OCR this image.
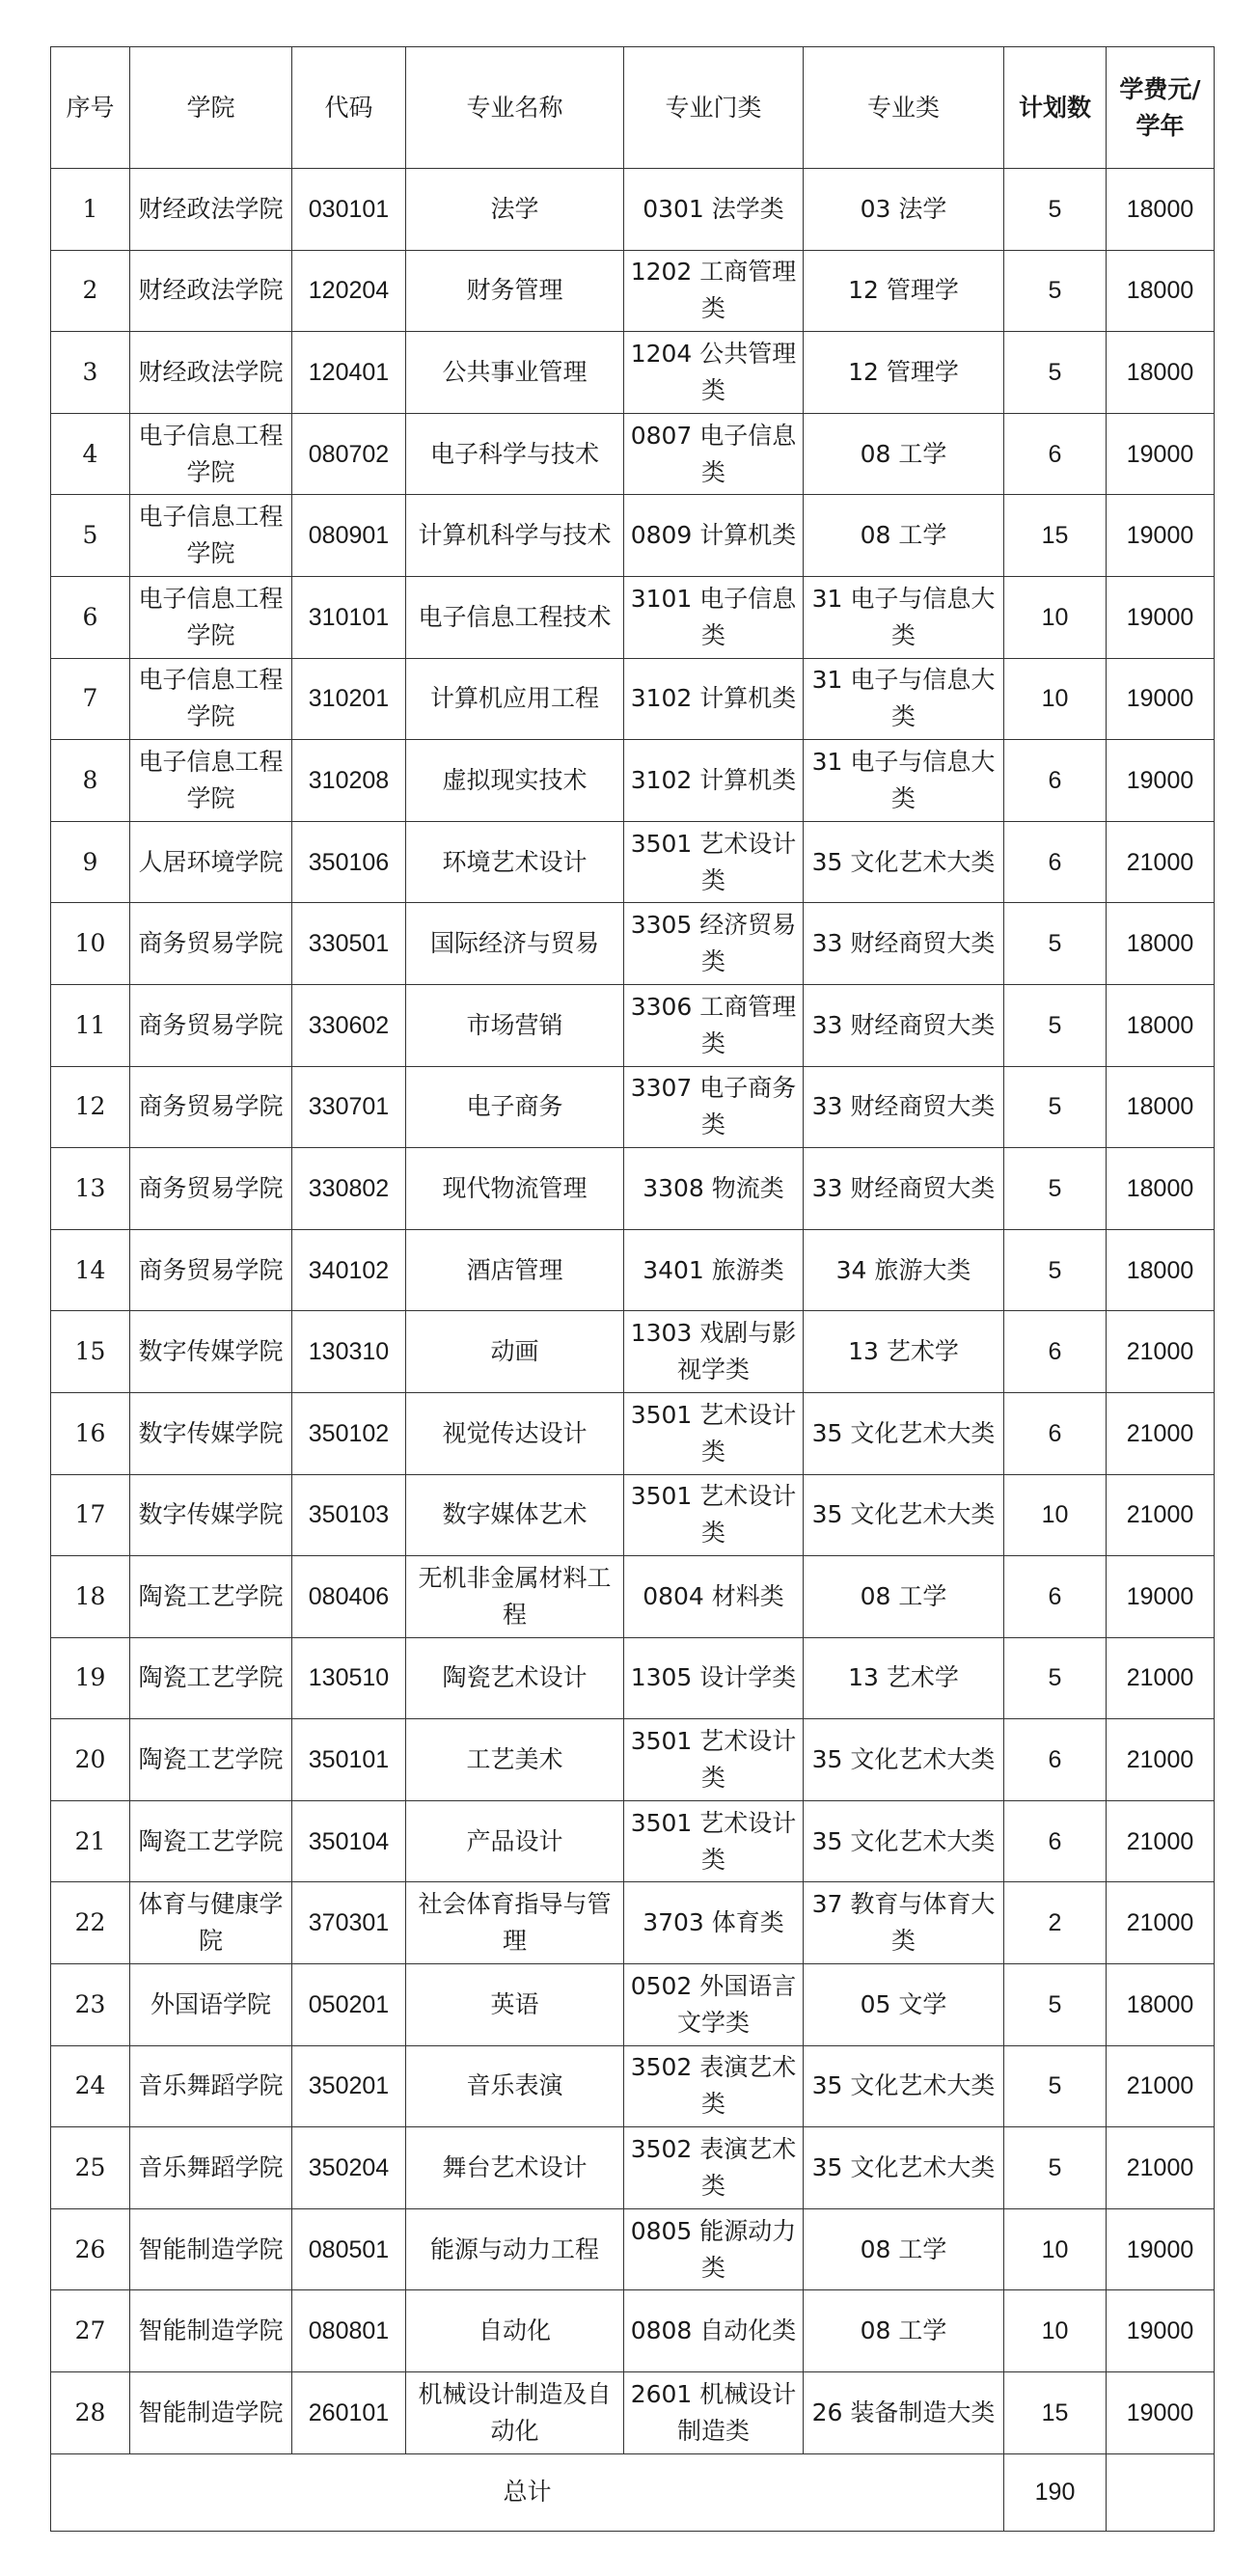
序号	学院	代码	专业名称	专业门类	专业类	计划数	学费元/学年
1	财经政法学院	030101	法学	0301 法学类	03 法学	5	18000
2	财经政法学院	120204	财务管理	1202 工商管理类	12 管理学	5	18000
3	财经政法学院	120401	公共事业管理	1204 公共管理类	12 管理学	5	18000
4	电子信息工程学院	080702	电子科学与技术	0807 电子信息类	08 工学	6	19000
5	电子信息工程学院	080901	计算机科学与技术	0809 计算机类	08 工学	15	19000
6	电子信息工程学院	310101	电子信息工程技术	3101 电子信息类	31 电子与信息大类	10	19000
7	电子信息工程学院	310201	计算机应用工程	3102 计算机类	31 电子与信息大类	10	19000
8	电子信息工程学院	310208	虚拟现实技术	3102 计算机类	31 电子与信息大类	6	19000
9	人居环境学院	350106	环境艺术设计	3501 艺术设计类	35 文化艺术大类	6	21000
10	商务贸易学院	330501	国际经济与贸易	3305 经济贸易类	33 财经商贸大类	5	18000
11	商务贸易学院	330602	市场营销	3306 工商管理类	33 财经商贸大类	5	18000
12	商务贸易学院	330701	电子商务	3307 电子商务类	33 财经商贸大类	5	18000
13	商务贸易学院	330802	现代物流管理	3308 物流类	33 财经商贸大类	5	18000
14	商务贸易学院	340102	酒店管理	3401 旅游类	34 旅游大类	5	18000
15	数字传媒学院	130310	动画	1303 戏剧与影视学类	13 艺术学	6	21000
16	数字传媒学院	350102	视觉传达设计	3501 艺术设计类	35 文化艺术大类	6	21000
17	数字传媒学院	350103	数字媒体艺术	3501 艺术设计类	35 文化艺术大类	10	21000
18	陶瓷工艺学院	080406	无机非金属材料工程	0804 材料类	08 工学	6	19000
19	陶瓷工艺学院	130510	陶瓷艺术设计	1305 设计学类	13 艺术学	5	21000
20	陶瓷工艺学院	350101	工艺美术	3501 艺术设计类	35 文化艺术大类	6	21000
21	陶瓷工艺学院	350104	产品设计	3501 艺术设计类	35 文化艺术大类	6	21000
22	体育与健康学院	370301	社会体育指导与管理	3703 体育类	37 教育与体育大类	2	21000
23	外国语学院	050201	英语	0502 外国语言文学类	05 文学	5	18000
24	音乐舞蹈学院	350201	音乐表演	3502 表演艺术类	35 文化艺术大类	5	21000
25	音乐舞蹈学院	350204	舞台艺术设计	3502 表演艺术类	35 文化艺术大类	5	21000
26	智能制造学院	080501	能源与动力工程	0805 能源动力类	08 工学	10	19000
27	智能制造学院	080801	自动化	0808 自动化类	08 工学	10	19000
28	智能制造学院	260101	机械设计制造及自动化	2601 机械设计制造类	26 装备制造大类	15	19000
总计						190	
